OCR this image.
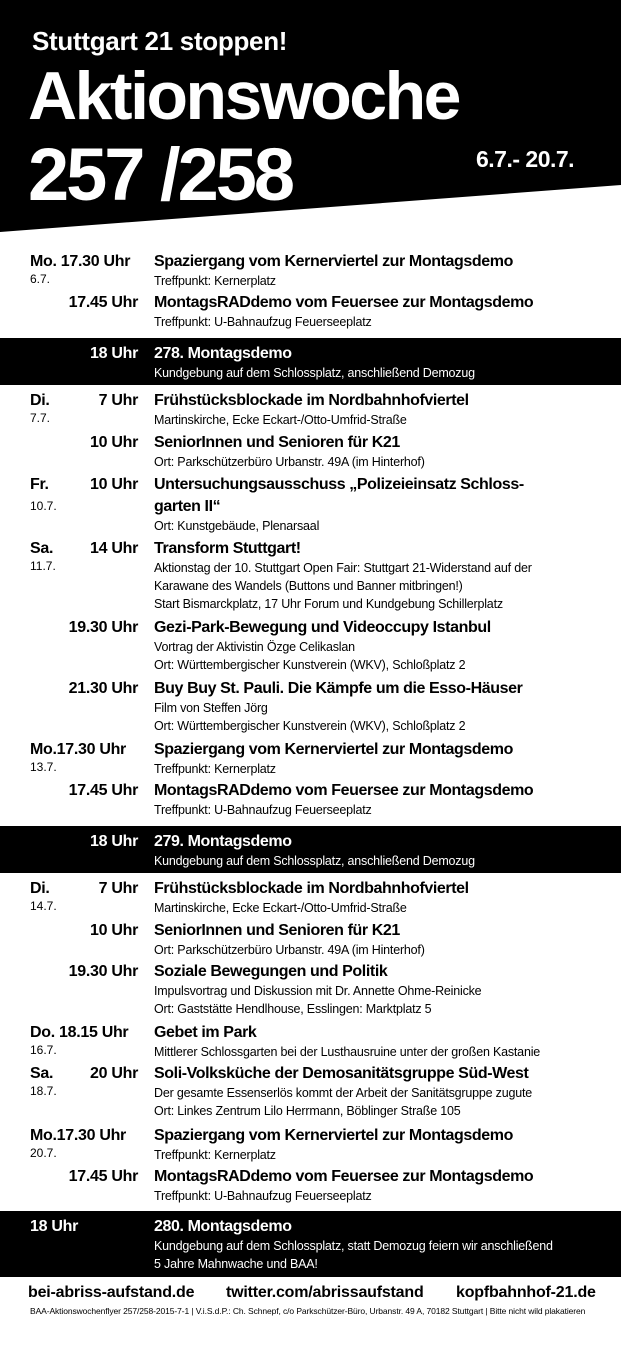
Stuttgart 21 stoppen!
Aktionswoche
257 /258	6.7.- 20.7.
Mo. 17.30 Uhr
6.7.
Spaziergang vom Kernerviertel zur Montagsdemo
Treffpunkt: Kernerplatz
17.45 Uhr MontagsRADdemo vom Feuersee zur Montagsdemo
Treffpunkt: U-Bahnaufzug Feuerseeplatz
18 Uhr 278. Montagsdemo
Kundgebung auf dem Schlossplatz, anschließend Demozug
Di.
7.7.
7 Uhr Frühstücksblockade im Nordbahnhofviertel
Martinskirche, Ecke Eckart-/Otto-Umfrid-Straße
10 Uhr SeniorInnen und Senioren für K21
Ort: Parkschützerbüro Urbanstr. 49A (im Hinterhof)
Fr.
10.7.
10 Uhr Untersuchungsausschuss „Polizeieinsatz Schloss-
garten II“
Ort: Kunstgebäude, Plenarsaal
Sa.
11.7.
14 Uhr Transform Stuttgart!
Aktionstag der 10. Stuttgart Open Fair: Stuttgart 21-Widerstand auf der
Karawane des Wandels (Buttons und Banner mitbringen!)
Start Bismarckplatz, 17 Uhr Forum und Kundgebung Schillerplatz
19.30 Uhr Gezi-Park-Bewegung und Videoccupy Istanbul
Vortrag der Aktivistin Özge Celikaslan
Ort: Württembergischer Kunstverein (WKV), Schloßplatz 2
21.30 Uhr Buy Buy St. Pauli. Die Kämpfe um die Esso-Häuser
Film von Steffen Jörg
Ort: Württembergischer Kunstverein (WKV), Schloßplatz 2
Mo.17.30 Uhr
13.7.
Spaziergang vom Kernerviertel zur Montagsdemo
Treffpunkt: Kernerplatz
17.45 Uhr MontagsRADdemo vom Feuersee zur Montagsdemo
Treffpunkt: U-Bahnaufzug Feuerseeplatz
18 Uhr 279. Montagsdemo
Kundgebung auf dem Schlossplatz, anschließend Demozug
Di.
14.7.
7 Uhr Frühstücksblockade im Nordbahnhofviertel
Martinskirche, Ecke Eckart-/Otto-Umfrid-Straße
10 Uhr SeniorInnen und Senioren für K21
Ort: Parkschützerbüro Urbanstr. 49A (im Hinterhof)
19.30 Uhr Soziale Bewegungen und Politik
Impulsvortrag und Diskussion mit Dr. Annette Ohme-Reinicke
Ort: Gaststätte Hendlhouse, Esslingen: Marktplatz 5
Do. 18.15 Uhr
16.7.
Gebet im Park
Mittlerer Schlossgarten bei der Lusthausruine unter der großen Kastanie
Sa.
18.7.
20 Uhr Soli-Volksküche der Demosanitätsgruppe Süd-West
Der gesamte Essenserlös kommt der Arbeit der Sanitätsgruppe zugute
Ort: Linkes Zentrum Lilo Herrmann, Böblinger Straße 105
Mo.17.30 Uhr
20.7.
Spaziergang vom Kernerviertel zur Montagsdemo
Treffpunkt: Kernerplatz
17.45 Uhr MontagsRADdemo vom Feuersee zur Montagsdemo
Treffpunkt: U-Bahnaufzug Feuerseeplatz
18 Uhr	280. Montagsdemo
Kundgebung auf dem Schlossplatz, statt Demozug feiern wir anschließend
5 Jahre Mahnwache und BAA!
bei-abriss-aufstand.de twitter.com/abrissaufstand kopfbahnhof-21.de
BAA-Aktionswochenflyer 257/258-2015-7-1 | V.i.S.d.P.: Ch. Schnepf, c/o Parkschützer-Büro, Urbanstr. 49 A, 70182 Stuttgart | Bitte nicht wild plakatieren
